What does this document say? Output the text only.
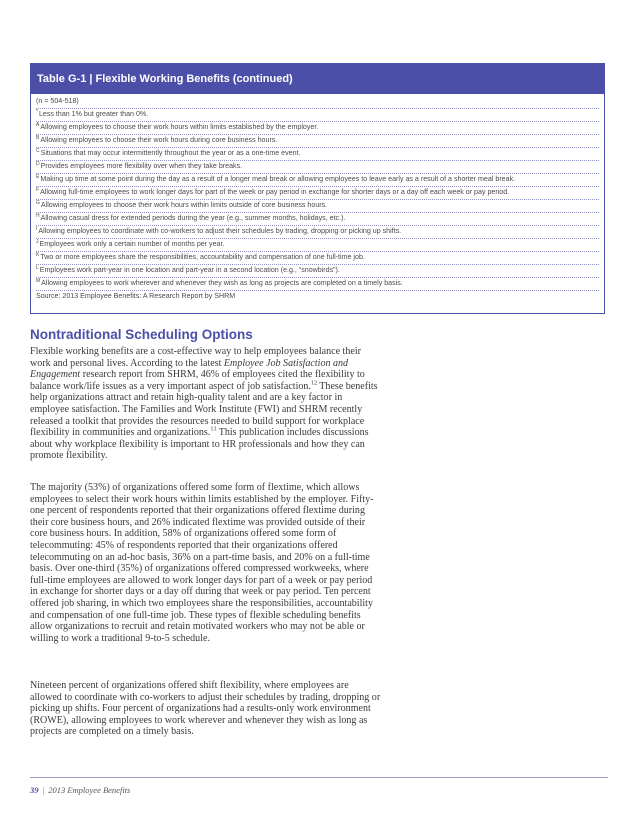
Table G-1 | Flexible Working Benefits (continued)
(n = 504-518)
*Less than 1% but greater than 0%.
$^A$Allowing employees to choose their work hours within limits established by the employer.
$^B$Allowing employees to choose their work hours during core business hours.
$^C$Situations that may occur intermittently throughout the year or as a one-time event.
$^D$Provides employees more flexibility over when they take breaks.
$^E$Making up time at some point during the day as a result of a longer meal break or allowing employees to leave early as a result of a shorter meal break.
$^F$Allowing full-time employees to work longer days for part of the week or pay period in exchange for shorter days or a day off each week or pay period.
$^G$Allowing employees to choose their work hours within limits outside of core business hours.
$^H$Allowing casual dress for extended periods during the year (e.g., summer months, holidays, etc.).
$^I$Allowing employees to coordinate with co-workers to adjust their schedules by trading, dropping or picking up shifts.
$^J$Employees work only a certain number of months per year.
$^K$Two or more employees share the responsibilities, accountability and compensation of one full-time job.
$^L$Employees work part-year in one location and part-year in a second location (e.g., “snowbirds”).
$^M$Allowing employees to work wherever and whenever they wish as long as projects are completed on a timely basis.
Source: 2013 Employee Benefits: A Research Report by SHRM
Nontraditional Scheduling Options

Flexible working benefits are a cost-effective way to help employees balance their work and personal lives. According to the latest Employee Job Satisfaction and Engagement research report from SHRM, 46% of employees cited the flexibility to balance work/life issues as a very important aspect of job satisfaction.$^{12}$ These benefits help organizations attract and retain high-quality talent and are a key factor in employee satisfaction. The Families and Work Institute (FWI) and SHRM recently released a toolkit that provides the resources needed to build support for workplace flexibility in communities and organizations.$^{13}$ This publication includes discussions about why workplace flexibility is important to HR professionals and how they can promote flexibility.

The majority (53%) of organizations offered some form of flextime, which allows employees to select their work hours within limits established by the employer. Fifty-one percent of respondents reported that their organizations offered flextime during their core business hours, and 26% indicated flextime was provided outside of their core business hours. In addition, 58% of organizations offered some form of telecommuting: 45% of respondents reported that their organizations offered telecommuting on an ad-hoc basis, 36% on a part-time basis, and 20% on a full-time basis. Over one-third (35%) of organizations offered compressed workweeks, where full-time employees are allowed to work longer days for part of a week or pay period in exchange for shorter days or a day off during that week or pay period. Ten percent offered job sharing, in which two employees share the responsibilities, accountability and compensation of one full-time job. These types of flexible scheduling benefits allow organizations to recruit and retain motivated workers who may not be able or willing to work a traditional 9-to-5 schedule.

Nineteen percent of organizations offered shift flexibility, where employees are allowed to coordinate with co-workers to adjust their schedules by trading, dropping or picking up shifts. Four percent of organizations had a results-only work environment (ROWE), allowing employees to work wherever and whenever they wish as long as projects are completed on a timely basis.

39 | 2013 Employee Benefits
